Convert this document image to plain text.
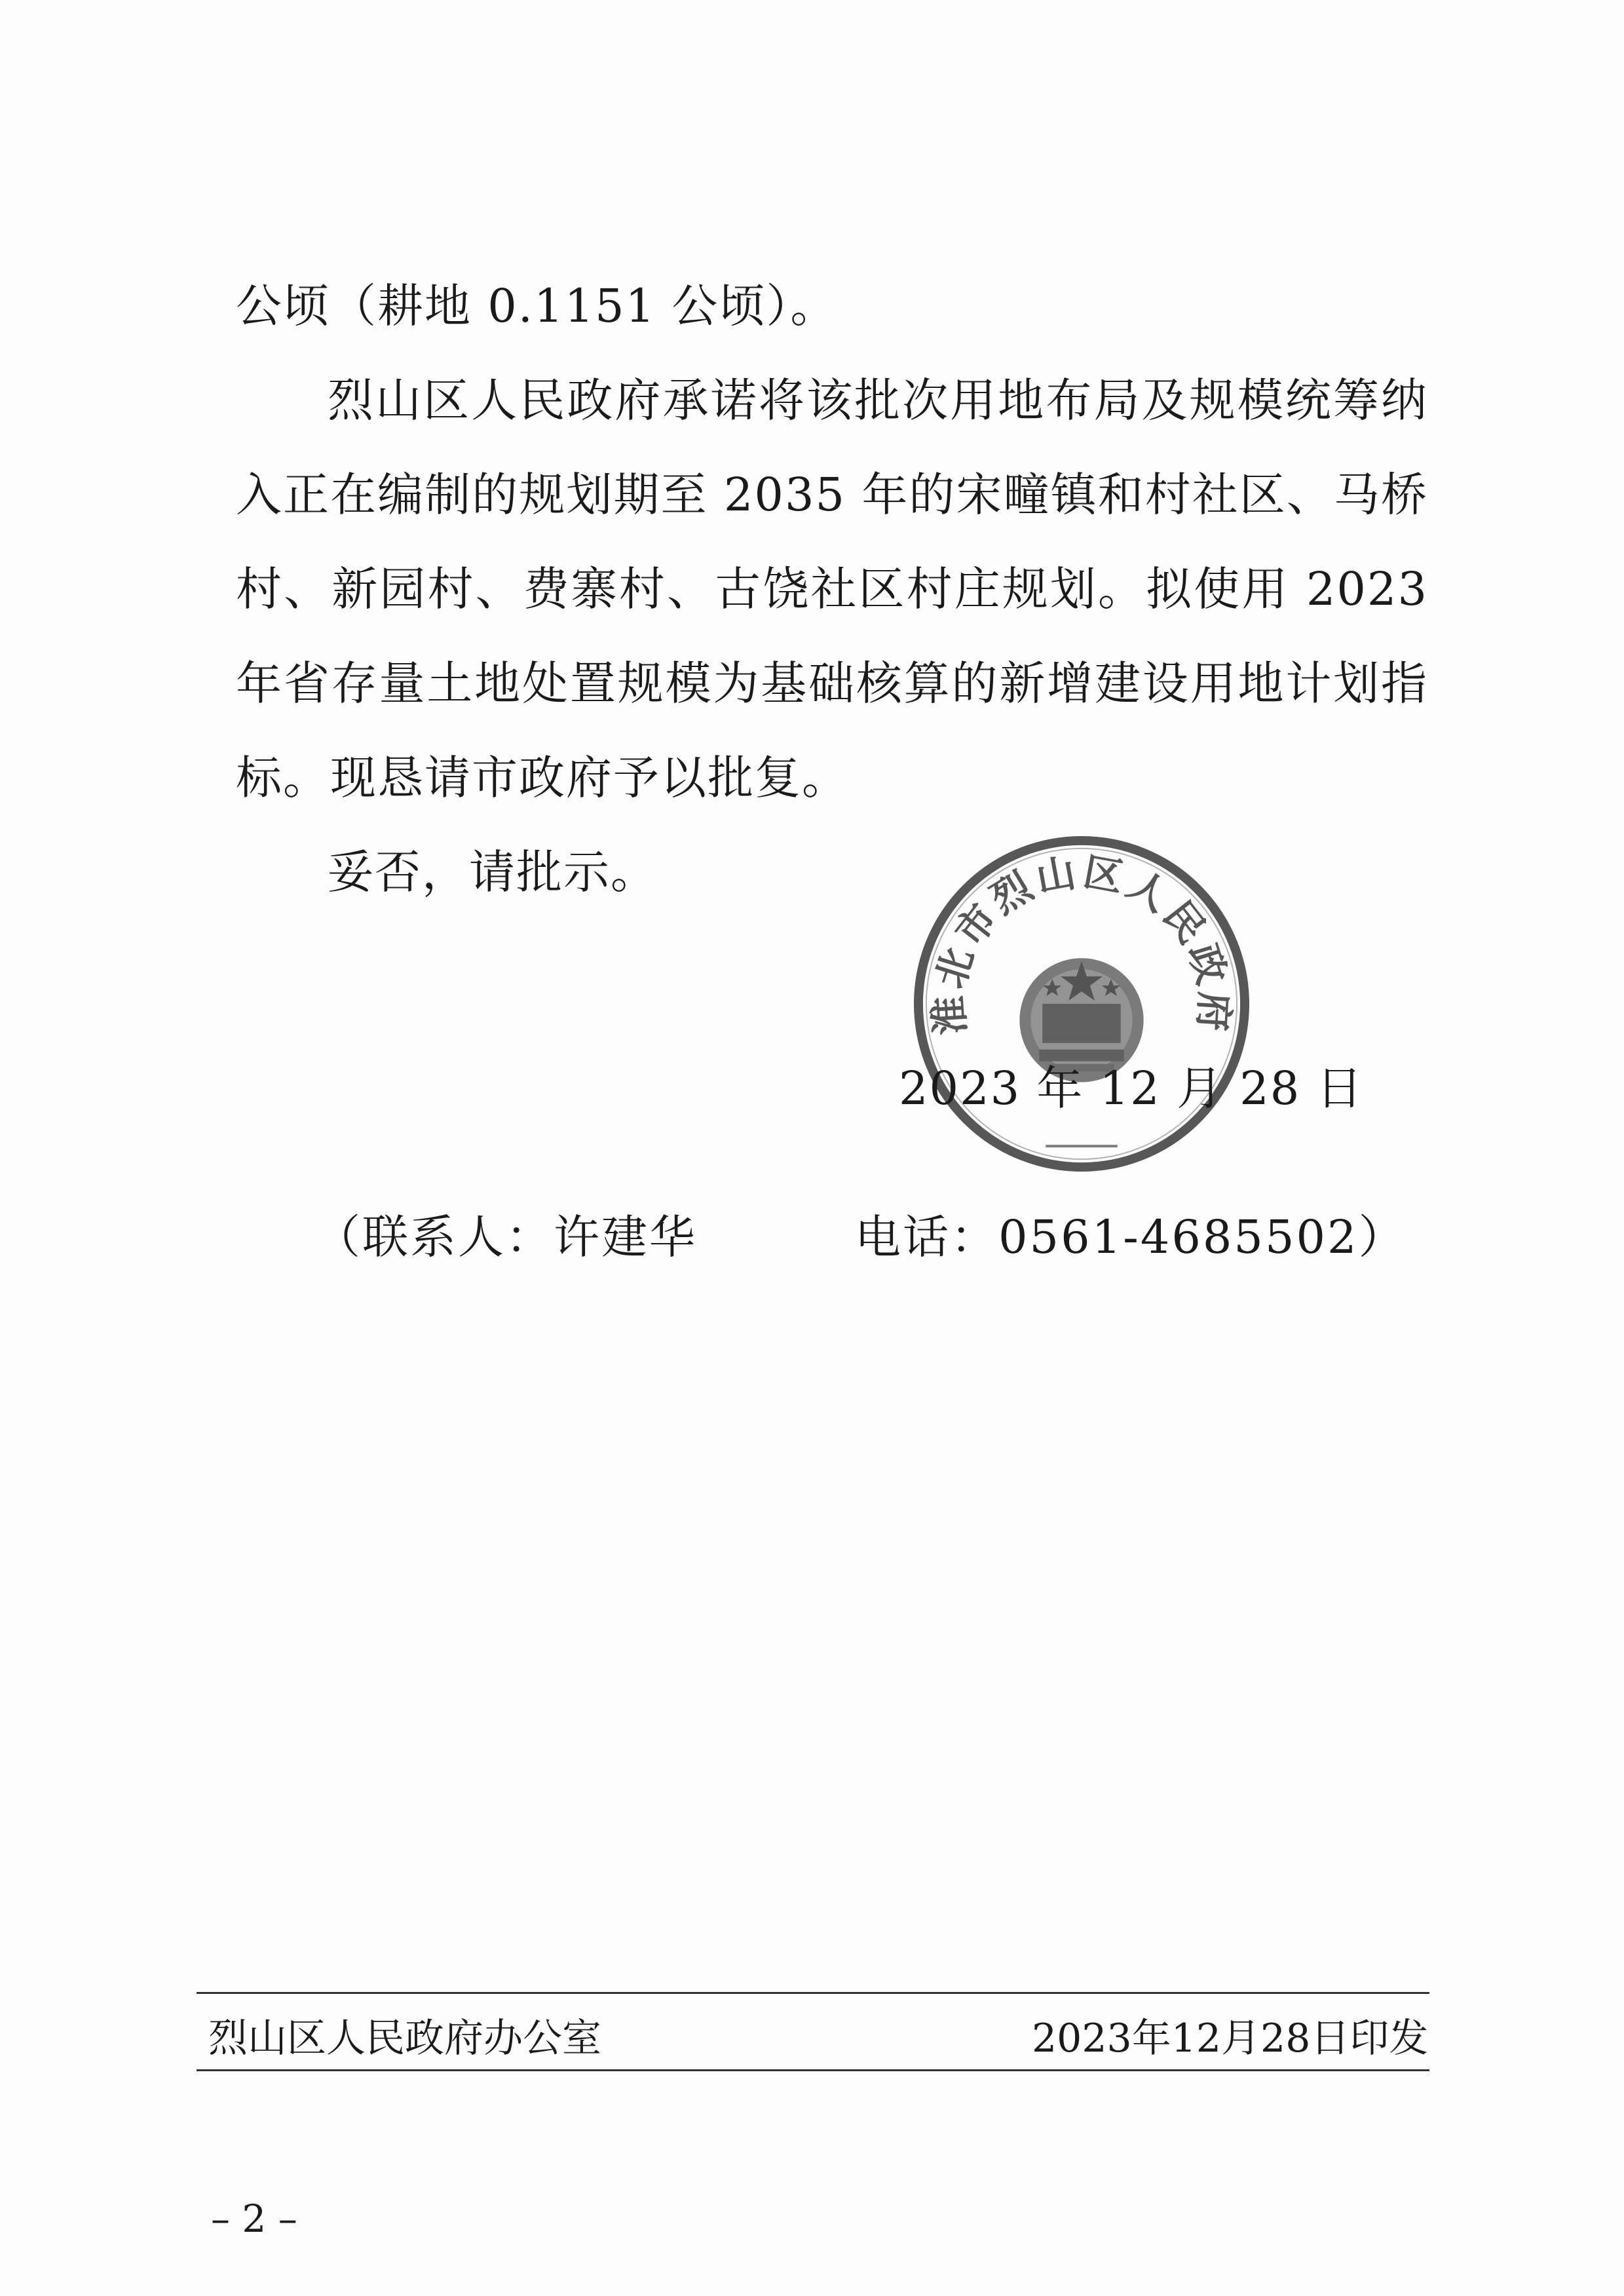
公顷（耕地 0.1151 公顷）。

烈山区人民政府承诺将该批次用地布局及规模统筹纳入正在编制的规划期至 2035 年的宋疃镇和村社区、马桥村、新园村、费寨村、古饶社区村庄规划。拟使用 2023 年省存量土地处置规模为基础核算的新增建设用地计划指标。现恳请市政府予以批复。

妥否，请批示。

淮北市烈山区人民政府
2023 年 12 月 28 日
（联系人：许建华	电话：0561-4685502）
烈山区人民政府办公室	2023年12月28日印发
– 2 –
